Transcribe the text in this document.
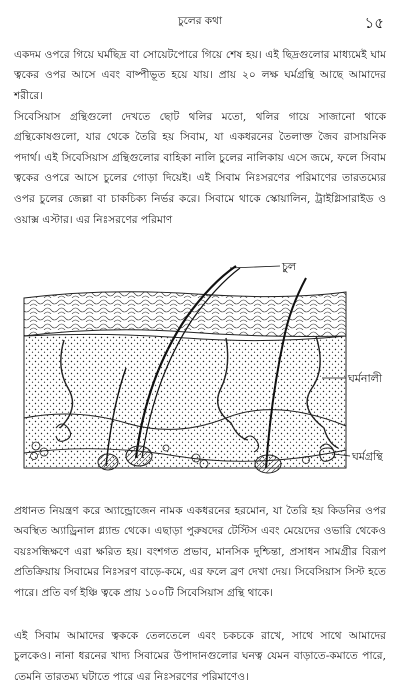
চুলের কথা	১৫

একদম ওপরে গিয়ে ঘর্মছিদ্র বা সোয়েটপোরে গিয়ে শেষ হয়। এই ছিদ্রগুলোর মাধ্যমেই ঘাম ত্বকের ওপর আসে এবং বাষ্পীভূত হয়ে যায়। প্রায় ২০ লক্ষ ঘর্মগ্রন্থি আছে আমাদের শরীরে।

সিবেসিয়াস গ্রন্থিগুলো দেখতে ছোট থলির মতো, থলির গায়ে সাজানো থাকে গ্রন্থিকোষগুলো, যার থেকে তৈরি হয় সিবাম, যা একধরনের তৈলাক্ত জৈব রাসায়নিক পদার্থ। এই সিবেসিয়াস গ্রন্থিগুলোর বাহিকা নালি চুলের নালিকায় এসে জমে, ফলে সিবাম ত্বকের ওপরে আসে চুলের গোড়া দিয়েই। এই সিবাম নিঃসরণের পরিমাণের তারতম্যের ওপর চুলের জেল্লা বা চাকচিক্য নির্ভর করে। সিবামে থাকে স্কোয়ালিন, ট্রাইগ্লিসারাইড ও ওয়াক্স এস্টার। এর নিঃসরণের পরিমাণ

চুল
ঘর্মনালী
ঘর্মগ্রন্থি

প্রধানত নিয়ন্ত্রণ করে অ্যান্ড্রোজেন নামক একধরনের হরমোন, যা তৈরি হয় কিডনির ওপর অবস্থিত অ্যাড্রিনাল গ্ল্যান্ড থেকে। এছাড়া পুরুষদের টেস্টিস এবং মেয়েদের ওভারি থেকেও বয়ঃসন্ধিক্ষণে এরা ক্ষরিত হয়। বংশগত প্রভাব, মানসিক দুশ্চিন্তা, প্রসাধন সামগ্রীর বিরূপ প্রতিক্রিয়ায় সিবামের নিঃসরণ বাড়ে-কমে, এর ফলে ব্রণ দেখা দেয়। সিবেসিয়াস সিস্ট হতে পারে। প্রতি বর্গ ইঞ্চি ত্বকে প্রায় ১০০টি সিবেসিয়াস গ্রন্থি থাকে।

এই সিবাম আমাদের ত্বককে তেলতেলে এবং চকচকে রাখে, সাথে সাথে আমাদের চুলকেও। নানা ধরনের খাদ্য সিবামের উপাদানগুলোর ঘনত্ব যেমন বাড়াতে-কমাতে পারে, তেমনি তারতম্য ঘটাতে পারে এর নিঃসরণের পরিমাণেও।
